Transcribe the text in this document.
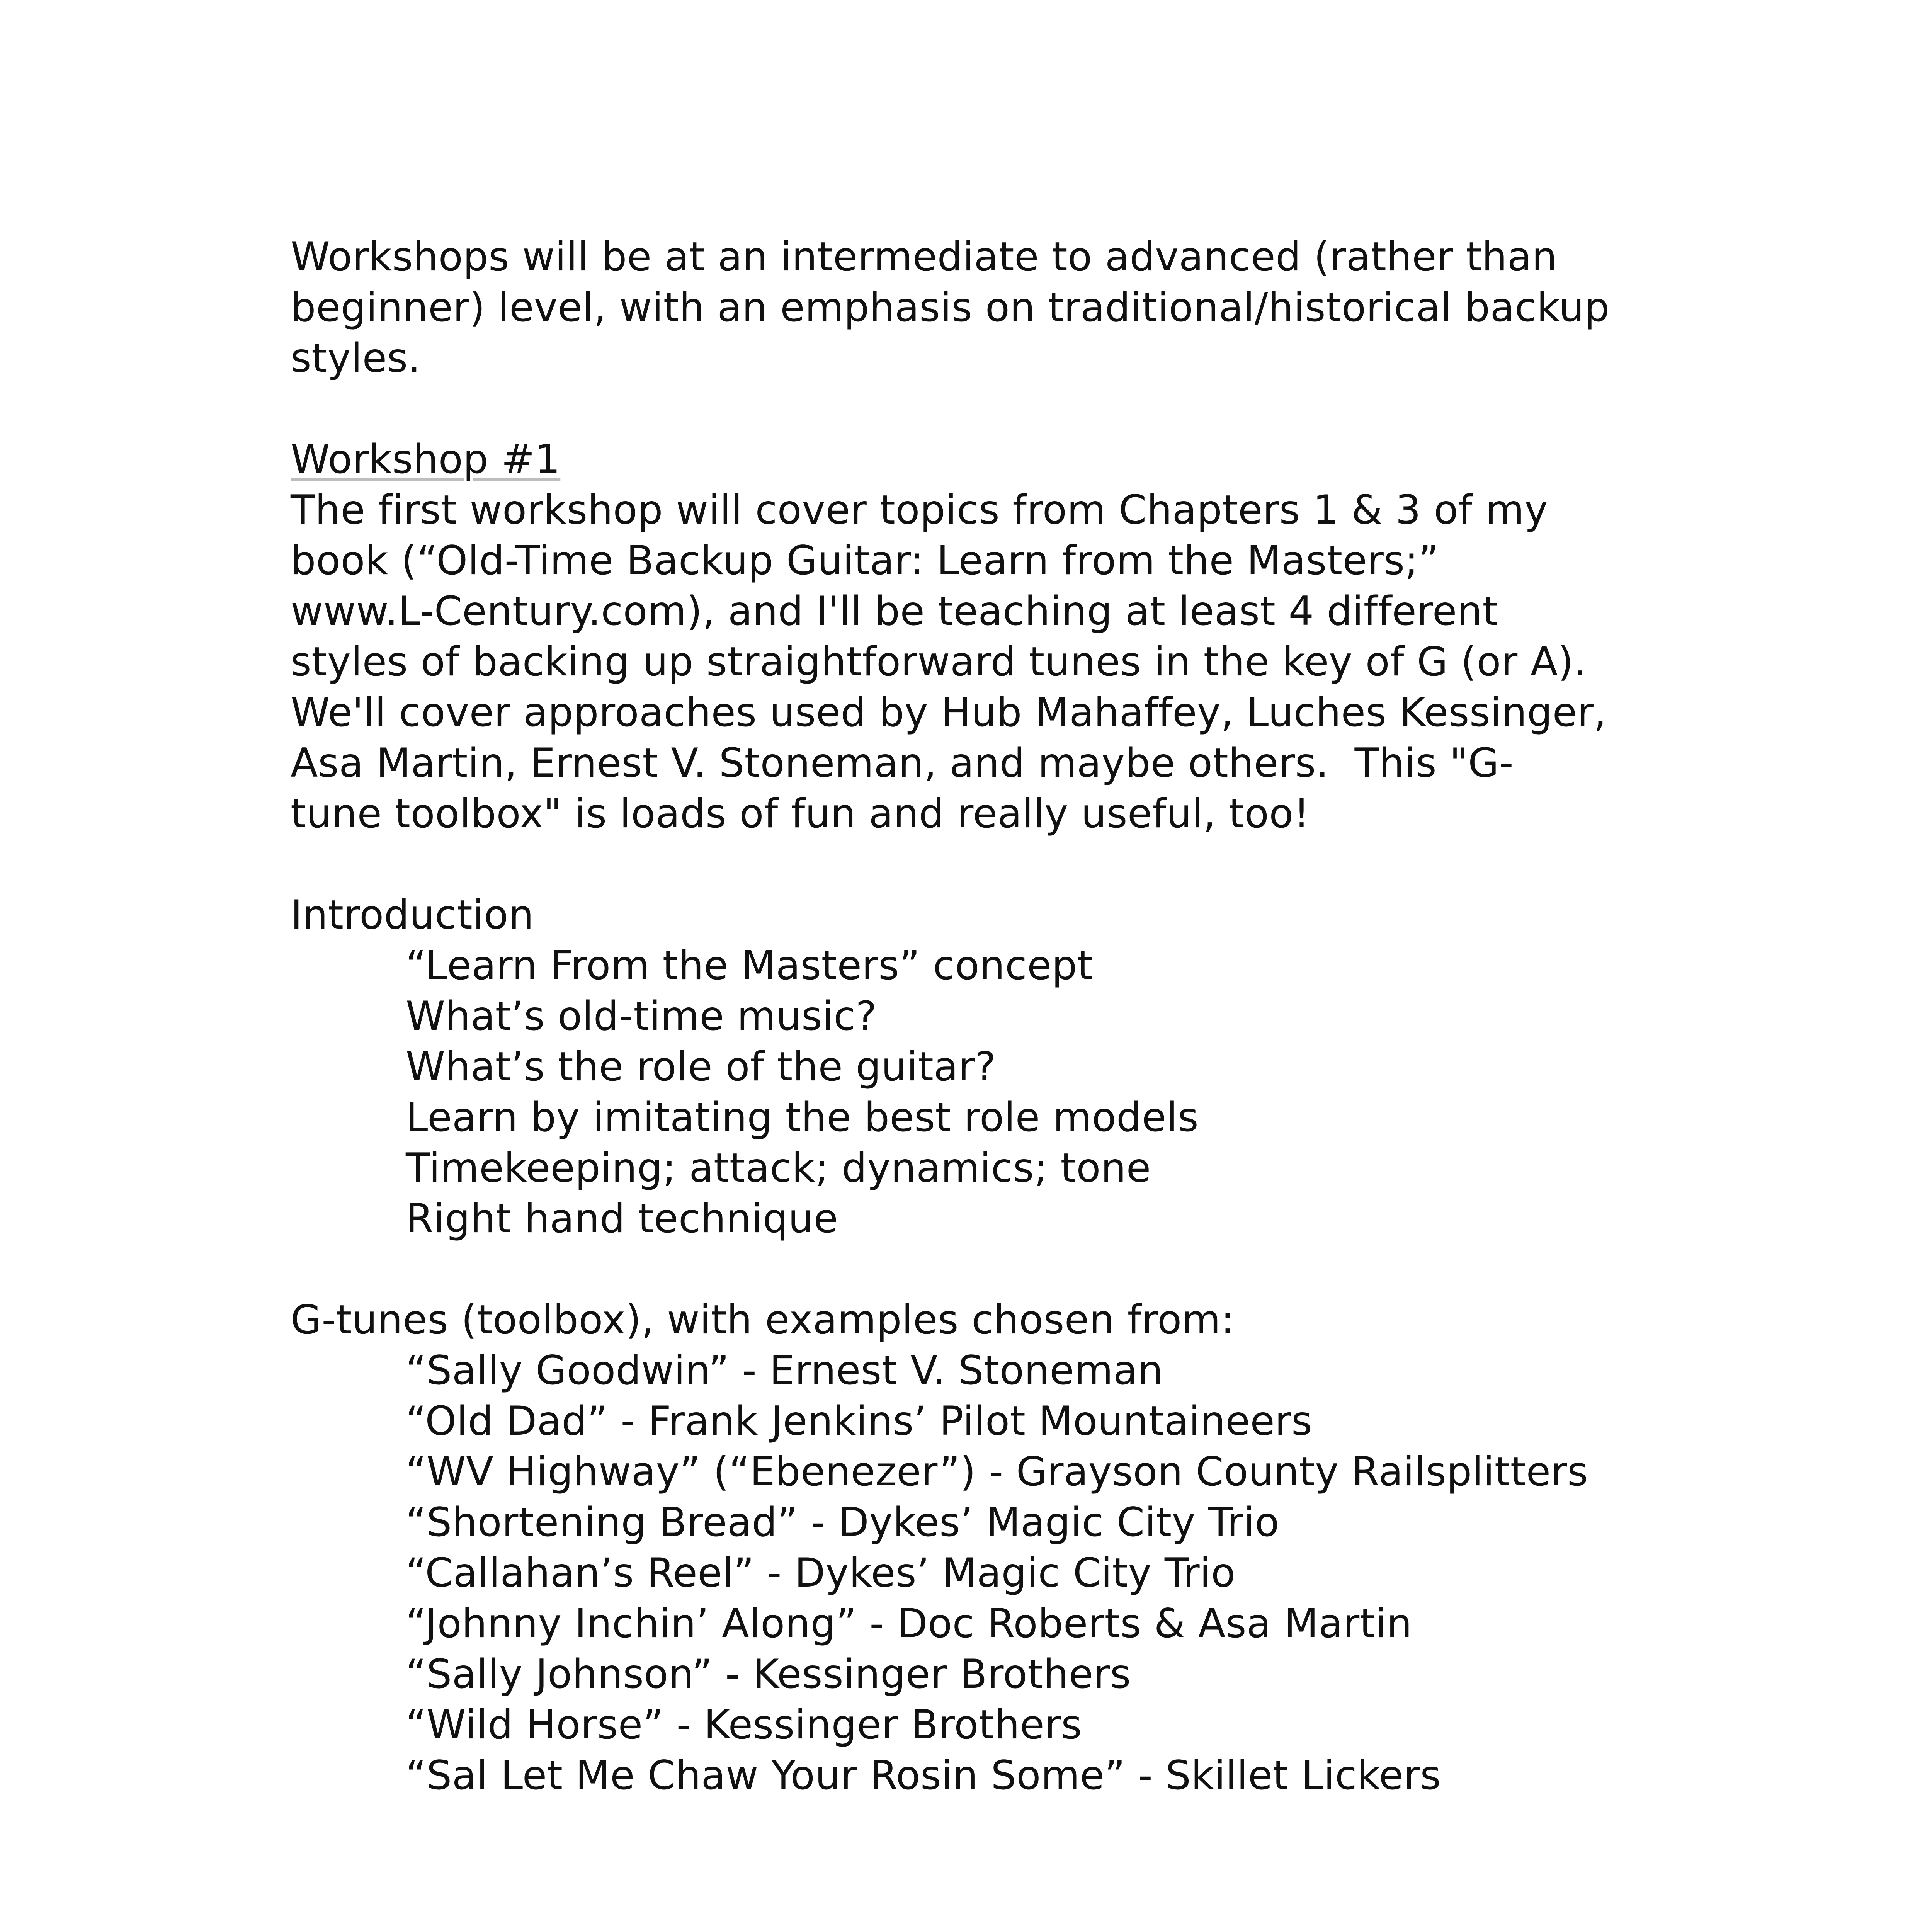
Workshops will be at an intermediate to advanced (rather than
beginner) level, with an emphasis on traditional/historical backup
styles.
Workshop #1
The first workshop will cover topics from Chapters 1 & 3 of my
book (“Old-Time Backup Guitar: Learn from the Masters;”
www.L-Century.com), and I'll be teaching at least 4 different
styles of backing up straightforward tunes in the key of G (or A).
We'll cover approaches used by Hub Mahaffey, Luches Kessinger,
Asa Martin, Ernest V. Stoneman, and maybe others.  This "G-
tune toolbox" is loads of fun and really useful, too!
Introduction
“Learn From the Masters” concept
What’s old-time music?
What’s the role of the guitar?
Learn by imitating the best role models
Timekeeping; attack; dynamics; tone
Right hand technique
G-tunes (toolbox), with examples chosen from:
“Sally Goodwin” - Ernest V. Stoneman
“Old Dad” - Frank Jenkins’ Pilot Mountaineers
“WV Highway” (“Ebenezer”) - Grayson County Railsplitters
“Shortening Bread” - Dykes’ Magic City Trio
“Callahan’s Reel” - Dykes’ Magic City Trio
“Johnny Inchin’ Along” - Doc Roberts & Asa Martin
“Sally Johnson” - Kessinger Brothers
“Wild Horse” - Kessinger Brothers
“Sal Let Me Chaw Your Rosin Some” - Skillet Lickers
